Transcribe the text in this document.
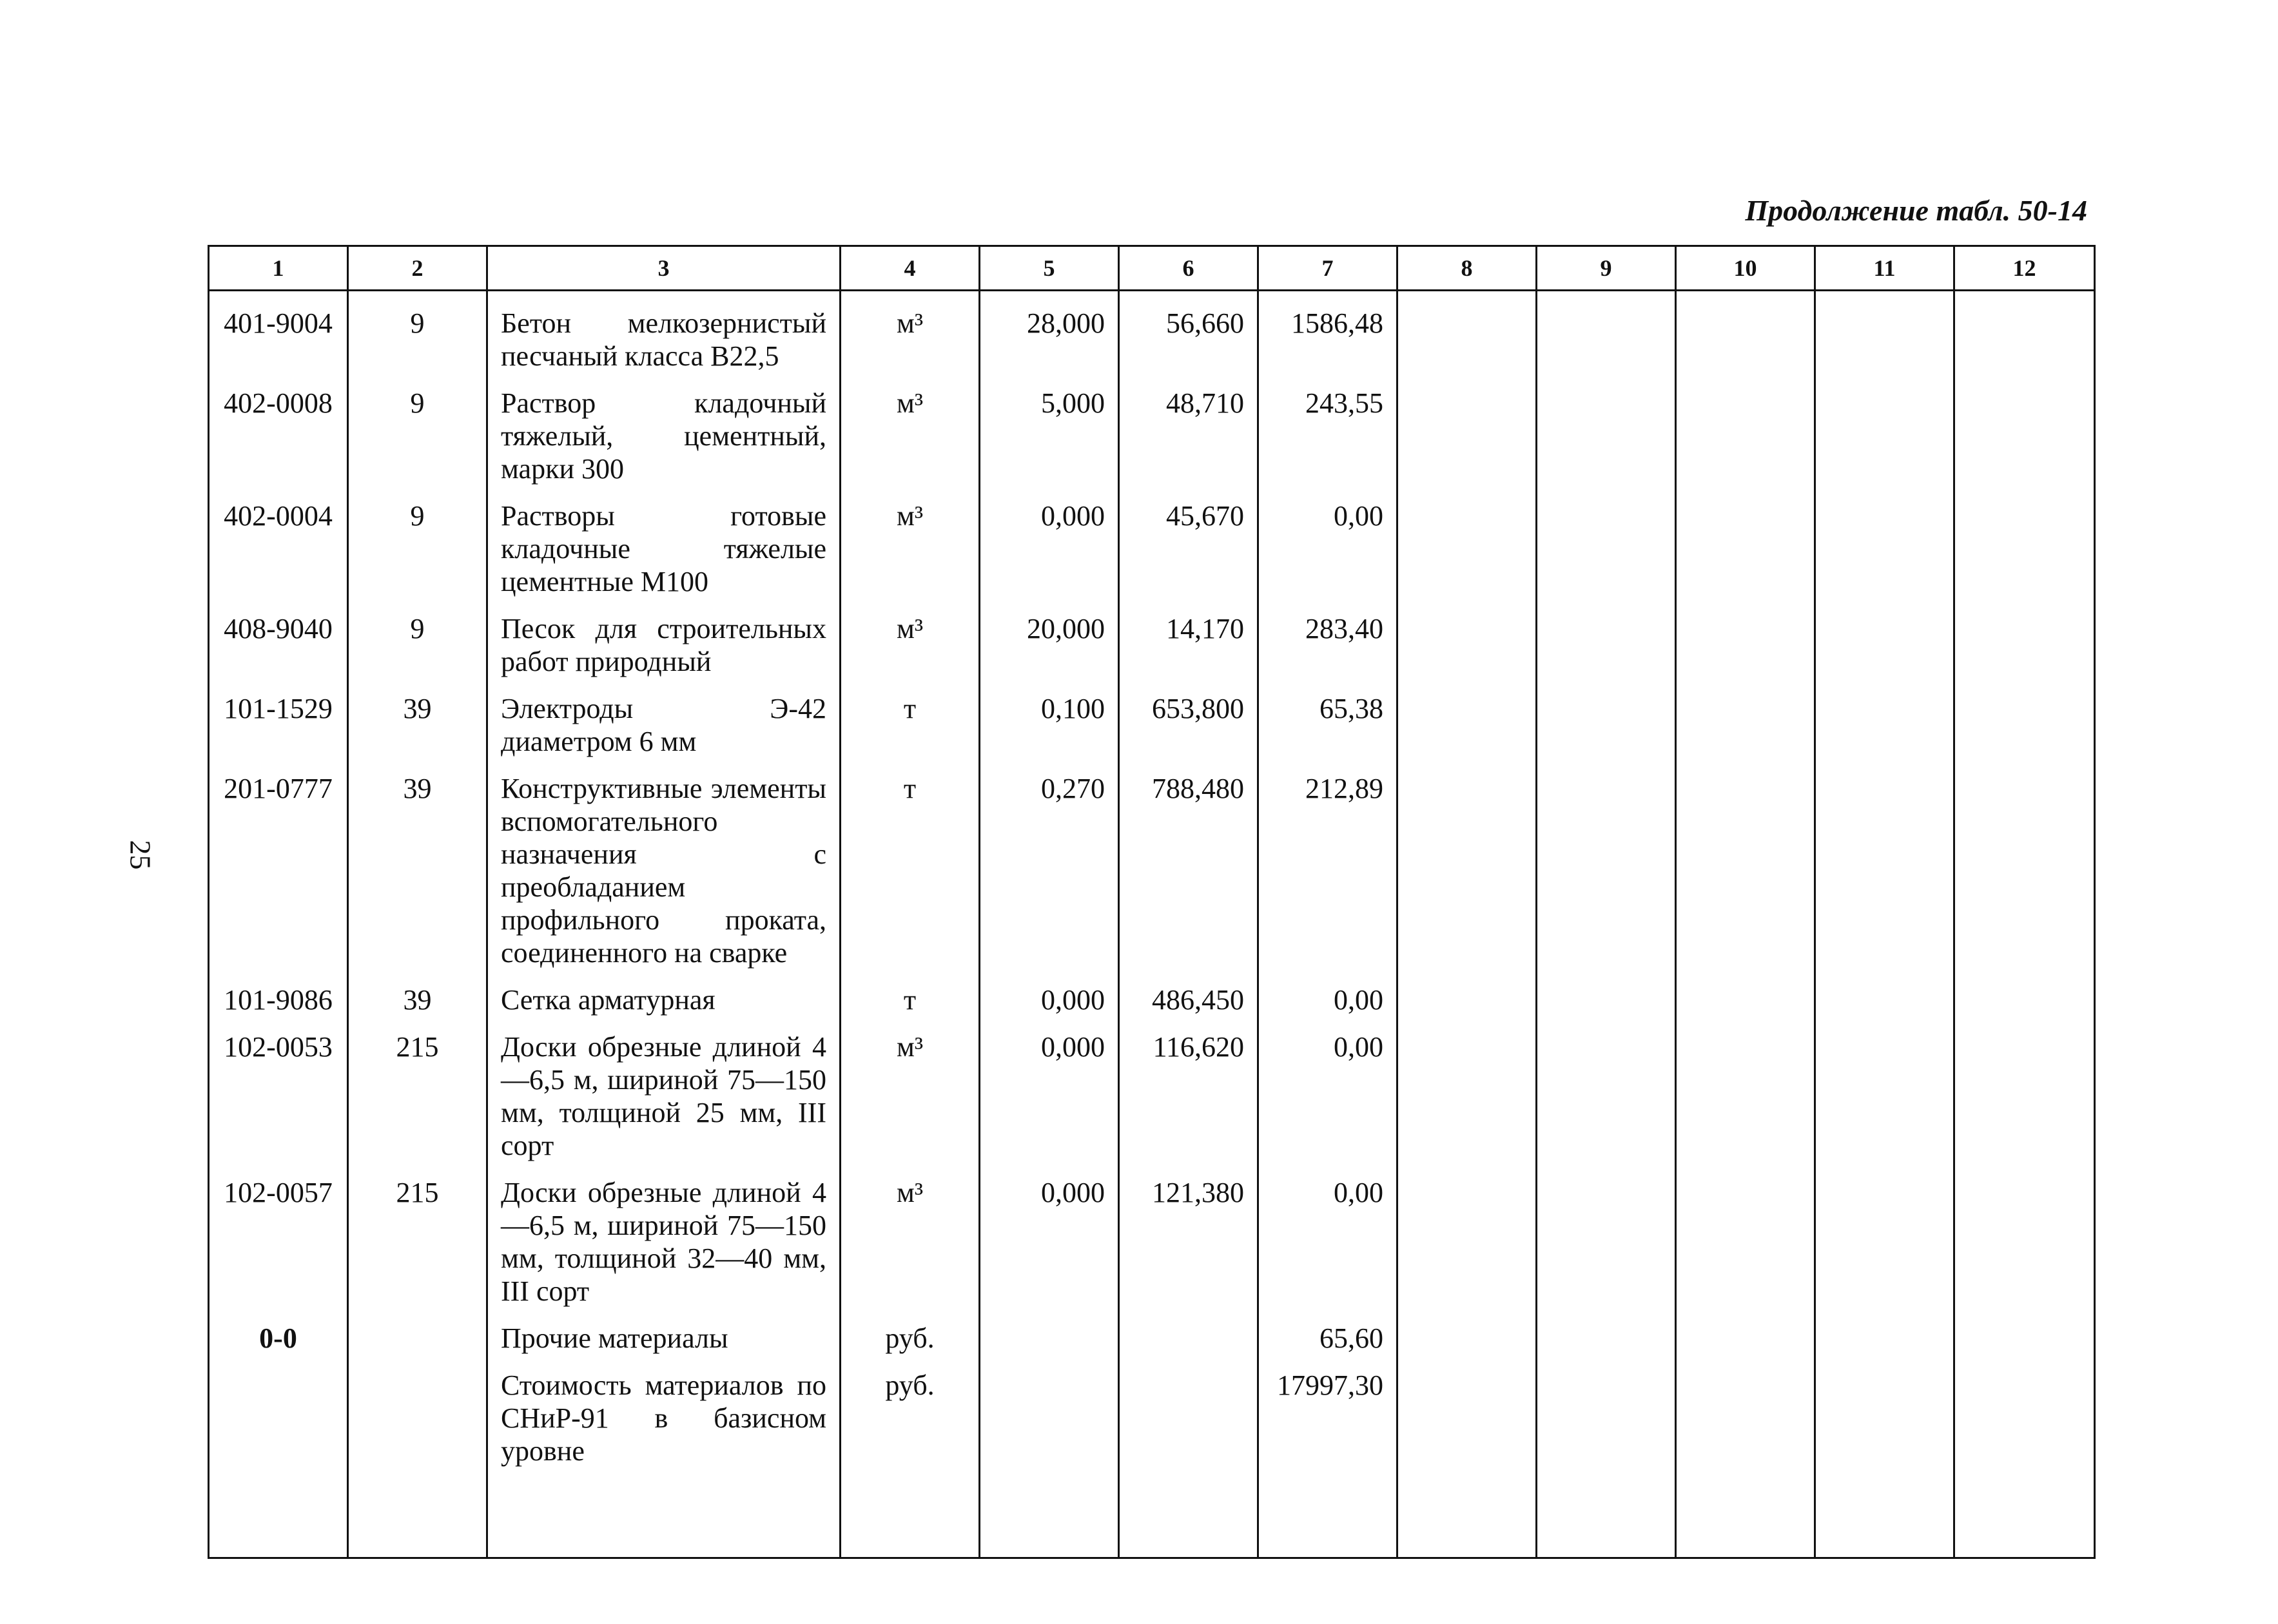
25
Продолжение табл. 50-14
1	2	3	4	5	6	7	8	9	10	11	12
401-9004	9	Бетон мелкозернистый песчаный класса В22,5	м³	28,000	56,660	1586,48					
402-0008	9	Раствор кладочный тяжелый, цементный, марки 300	м³	5,000	48,710	243,55					
402-0004	9	Растворы готовые кладочные тяжелые цементные М100	м³	0,000	45,670	0,00					
408-9040	9	Песок для строительных работ природный	м³	20,000	14,170	283,40					
101-1529	39	Электроды Э-42 диаметром 6 мм	т	0,100	653,800	65,38					
201-0777	39	Конструктивные элементы вспомогательного назначения с преобладанием профильного проката, соединенного на сварке	т	0,270	788,480	212,89					
101-9086	39	Сетка арматурная	т	0,000	486,450	0,00					
102-0053	215	Доски обрезные длиной 4—6,5 м, шириной 75—150 мм, толщиной 25 мм, III сорт	м³	0,000	116,620	0,00					
102-0057	215	Доски обрезные длиной 4—6,5 м, шириной 75—150 мм, толщиной 32—40 мм, III сорт	м³	0,000	121,380	0,00					
0-0		Прочие материалы	руб.			65,60					
		Стоимость материалов по СНиР-91 в базисном уровне	руб.			17997,30					
